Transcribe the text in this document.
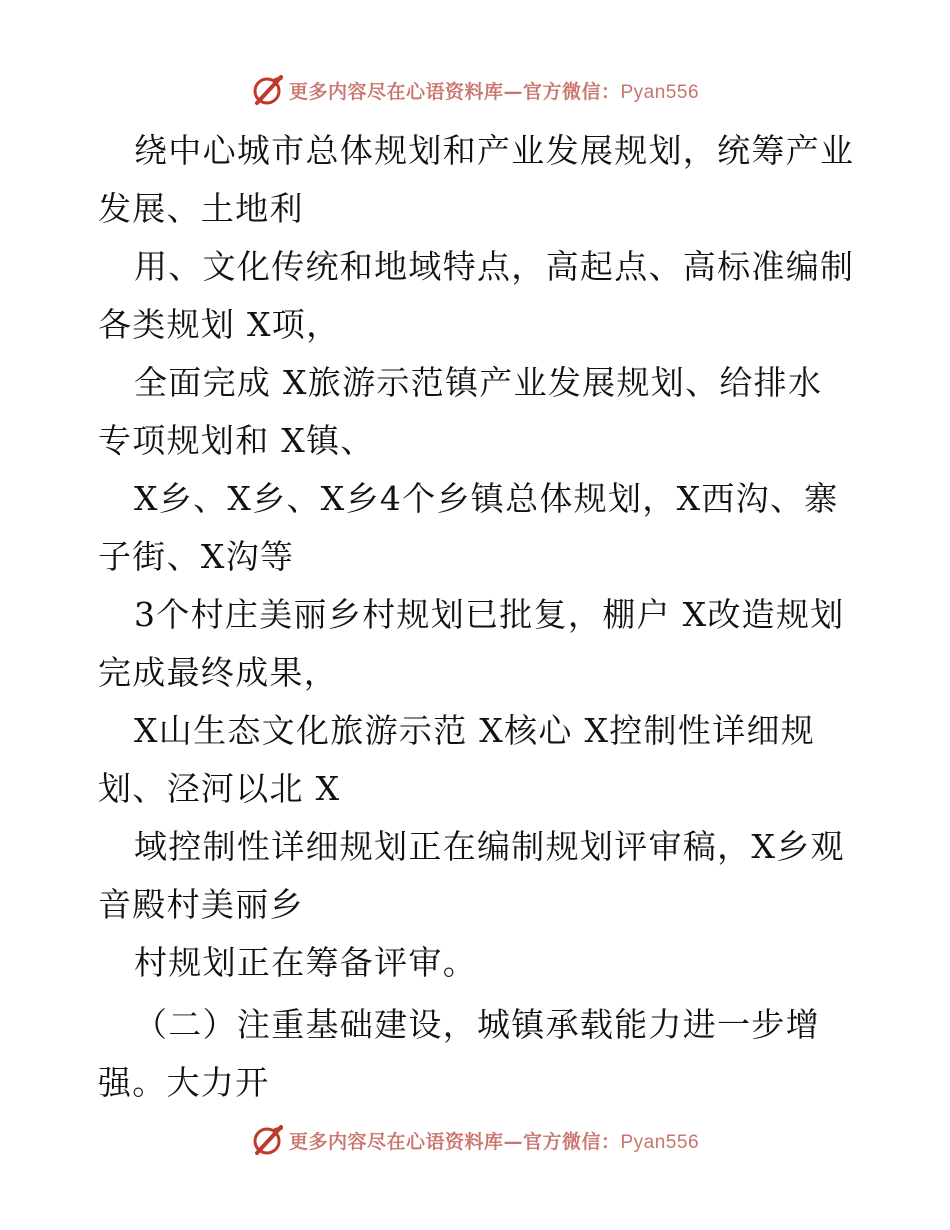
更多内容尽在心语资料库—官方微信：Pyan556
绕中心城市总体规划和产业发展规划，统筹产业
发展、土地利
用、文化传统和地域特点，高起点、高标准编制
各类规划 X项，
全面完成 X旅游示范镇产业发展规划、给排水
专项规划和 X镇、
X乡、X乡、X乡4个乡镇总体规划，X西沟、寨
子街、X沟等
3个村庄美丽乡村规划已批复，棚户 X改造规划
完成最终成果，
X山生态文化旅游示范 X核心 X控制性详细规
划、泾河以北 X
域控制性详细规划正在编制规划评审稿，X乡观
音殿村美丽乡
村规划正在筹备评审。
（二）注重基础建设，城镇承载能力进一步增
强。大力开
更多内容尽在心语资料库—官方微信：Pyan556
